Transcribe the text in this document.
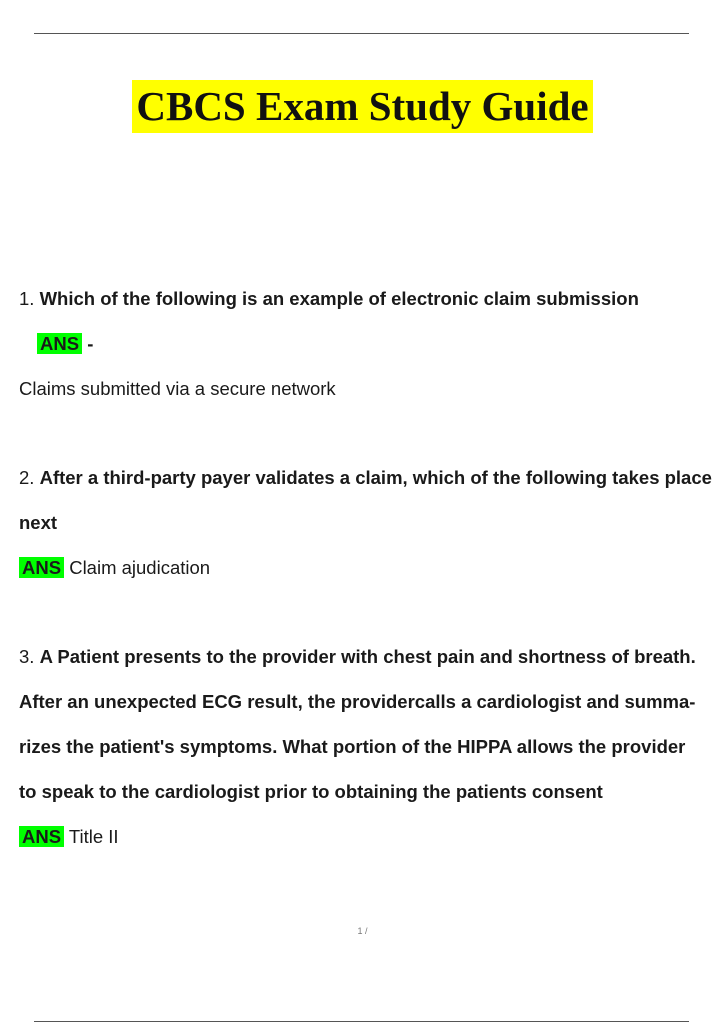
CBCS Exam Study Guide
1. Which of the following is an example of electronic claim submission
ANS -
Claims submitted via a secure network
2. After a third-party payer validates a claim, which of the following takes place
next
ANS Claim ajudication
3. A Patient presents to the provider with chest pain and shortness of breath.
After an unexpected ECG result, the providercalls a cardiologist and summa-
rizes the patient's symptoms. What portion of the HIPPA allows the provider
to speak to the cardiologist prior to obtaining the patients consent
ANS Title II
1 /
